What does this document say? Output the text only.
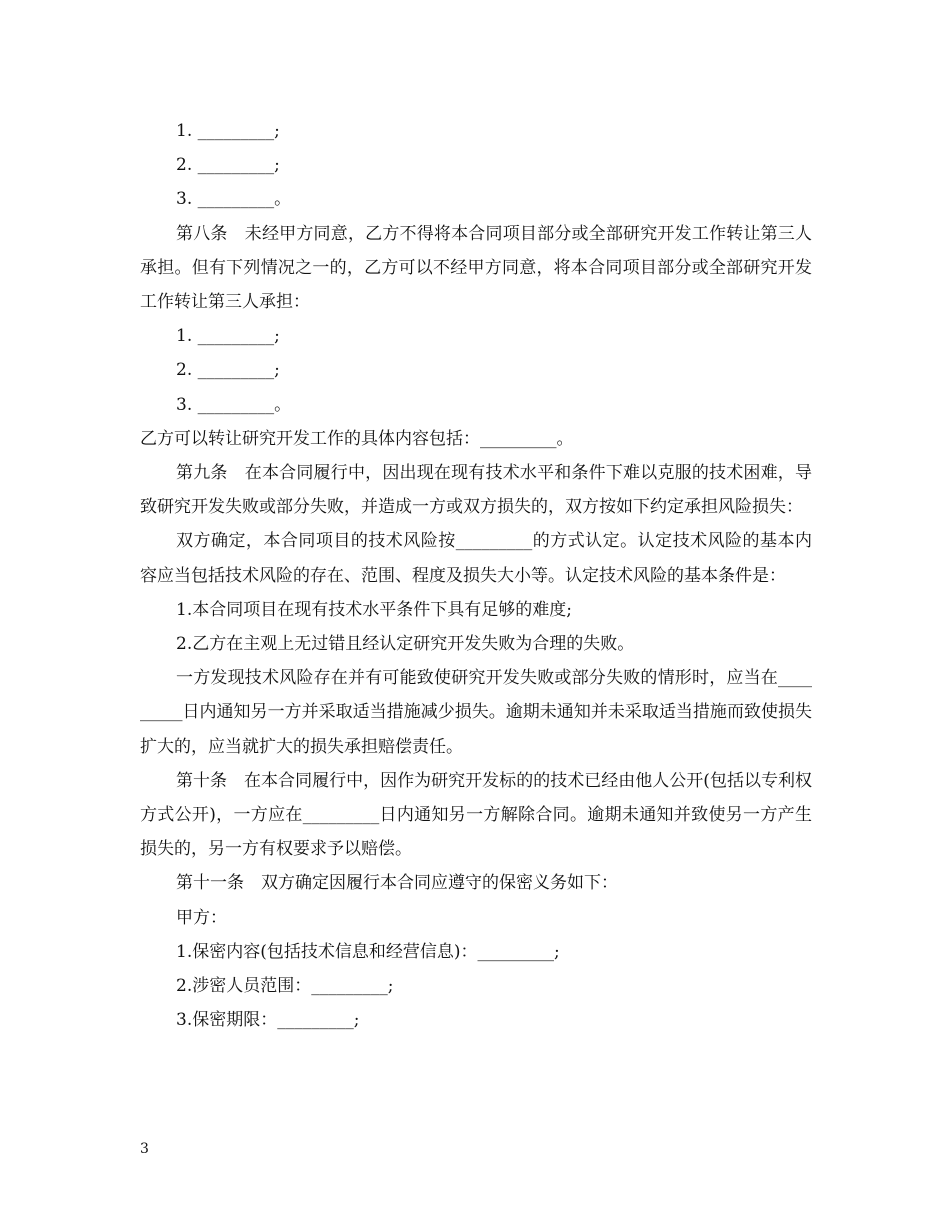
1. _________;

2. _________;

3. _________。

第八条　未经甲方同意，乙方不得将本合同项目部分或全部研究开发工作转让第三人承担。但有下列情况之一的，乙方可以不经甲方同意，将本合同项目部分或全部研究开发工作转让第三人承担：

1. _________;

2. _________;

3. _________。

乙方可以转让研究开发工作的具体内容包括：_________。

第九条　在本合同履行中，因出现在现有技术水平和条件下难以克服的技术困难，导致研究开发失败或部分失败，并造成一方或双方损失的，双方按如下约定承担风险损失：

双方确定，本合同项目的技术风险按_________的方式认定。认定技术风险的基本内容应当包括技术风险的存在、范围、程度及损失大小等。认定技术风险的基本条件是：

1.本合同项目在现有技术水平条件下具有足够的难度;

2.乙方在主观上无过错且经认定研究开发失败为合理的失败。

一方发现技术风险存在并有可能致使研究开发失败或部分失败的情形时，应当在_________日内通知另一方并采取适当措施减少损失。逾期未通知并未采取适当措施而致使损失扩大的，应当就扩大的损失承担赔偿责任。

第十条　在本合同履行中，因作为研究开发标的的技术已经由他人公开(包括以专利权方式公开)，一方应在_________日内通知另一方解除合同。逾期未通知并致使另一方产生损失的，另一方有权要求予以赔偿。

第十一条　双方确定因履行本合同应遵守的保密义务如下：

甲方：

1.保密内容(包括技术信息和经营信息)：_________;

2.涉密人员范围：_________;

3.保密期限：_________;

3
